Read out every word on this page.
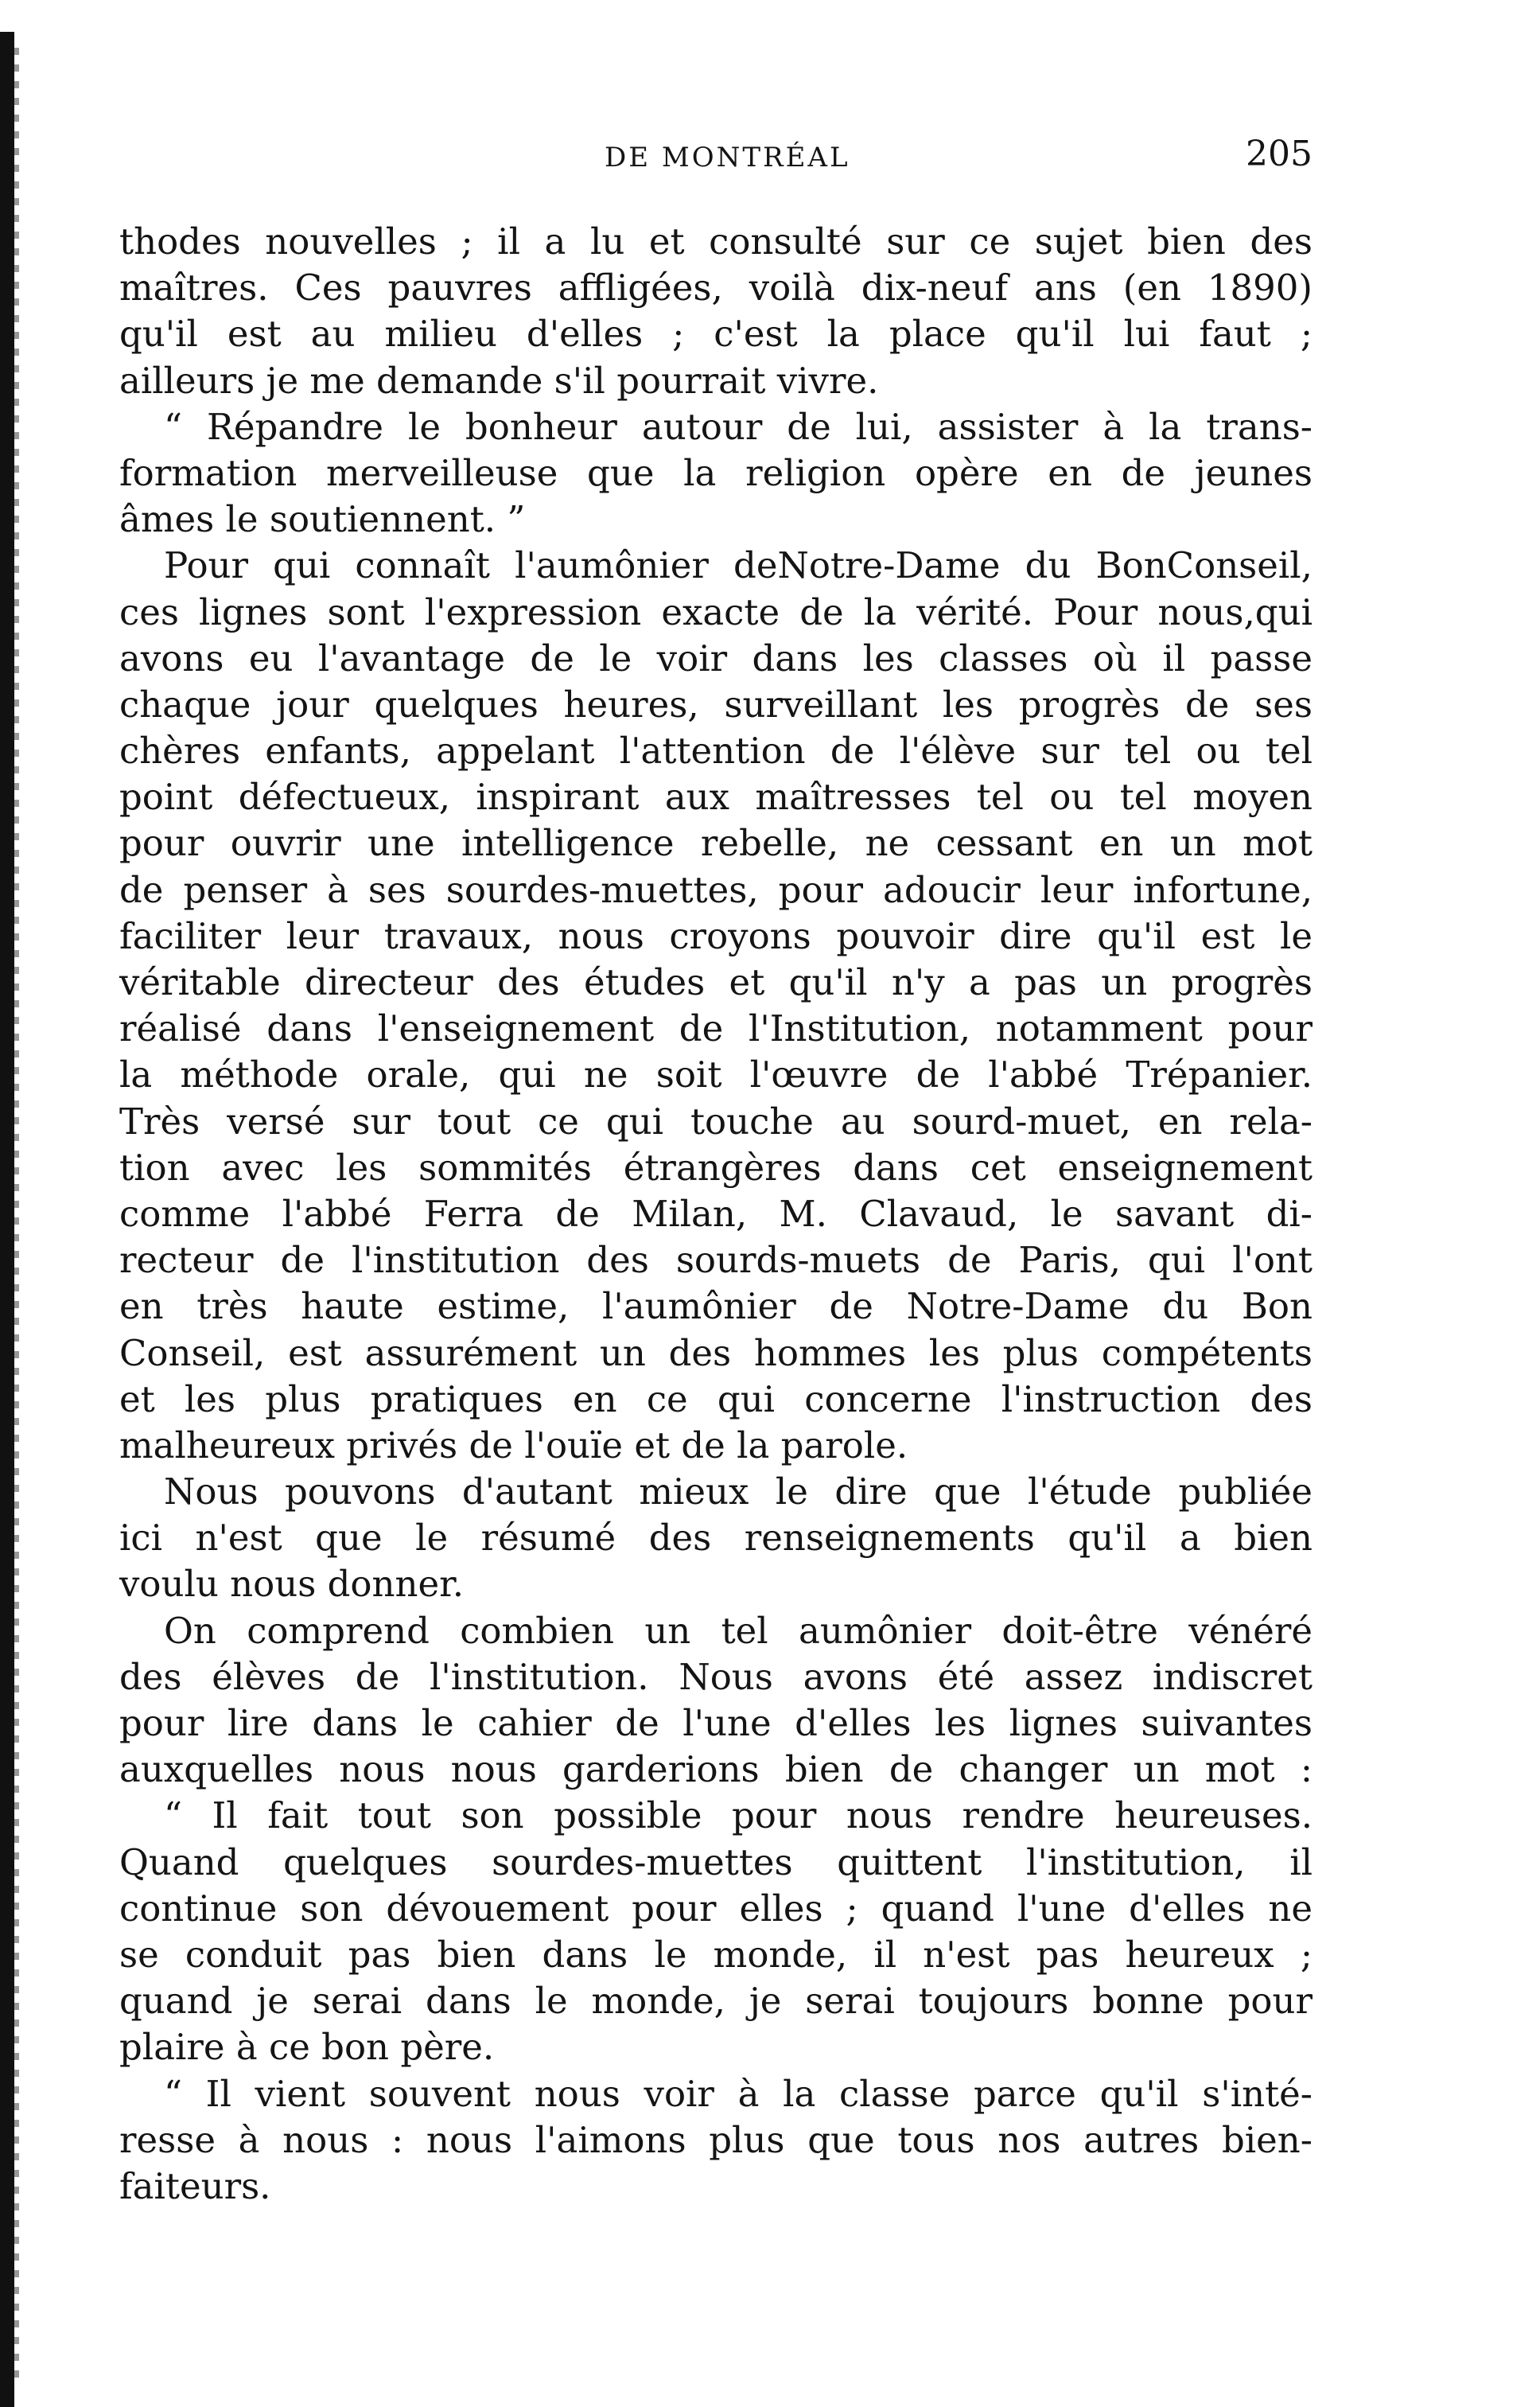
DE MONTRÉAL	205
thodes nouvelles ; il a lu et consulté sur ce sujet bien des
maîtres. Ces pauvres affligées, voilà dix-neuf ans (en 1890)
qu'il est au milieu d'elles ; c'est la place qu'il lui faut ;
ailleurs je me demande s'il pourrait vivre.
“ Répandre le bonheur autour de lui, assister à la trans-
formation merveilleuse que la religion opère en de jeunes
âmes le soutiennent. ”
Pour qui connaît l'aumônier deNotre-Dame du BonConseil,
ces lignes sont l'expression exacte de la vérité. Pour nous,qui
avons eu l'avantage de le voir dans les classes où il passe
chaque jour quelques heures, surveillant les progrès de ses
chères enfants, appelant l'attention de l'élève sur tel ou tel
point défectueux, inspirant aux maîtresses tel ou tel moyen
pour ouvrir une intelligence rebelle, ne cessant en un mot
de penser à ses sourdes-muettes, pour adoucir leur infortune,
faciliter leur travaux, nous croyons pouvoir dire qu'il est le
véritable directeur des études et qu'il n'y a pas un progrès
réalisé dans l'enseignement de l'Institution, notamment pour
la méthode orale, qui ne soit l'œuvre de l'abbé Trépanier.
Très versé sur tout ce qui touche au sourd-muet, en rela-
tion avec les sommités étrangères dans cet enseignement
comme l'abbé Ferra de Milan, M. Clavaud, le savant di-
recteur de l'institution des sourds-muets de Paris, qui l'ont
en très haute estime, l'aumônier de Notre-Dame du Bon
Conseil, est assurément un des hommes les plus compétents
et les plus pratiques en ce qui concerne l'instruction des
malheureux privés de l'ouïe et de la parole.
Nous pouvons d'autant mieux le dire que l'étude publiée
ici n'est que le résumé des renseignements qu'il a bien
voulu nous donner.
On comprend combien un tel aumônier doit-être vénéré
des élèves de l'institution. Nous avons été assez indiscret
pour lire dans le cahier de l'une d'elles les lignes suivantes
auxquelles nous nous garderions bien de changer un mot :
“ Il fait tout son possible pour nous rendre heureuses.
Quand quelques sourdes-muettes quittent l'institution, il
continue son dévouement pour elles ; quand l'une d'elles ne
se conduit pas bien dans le monde, il n'est pas heureux ;
quand je serai dans le monde, je serai toujours bonne pour
plaire à ce bon père.
“ Il vient souvent nous voir à la classe parce qu'il s'inté-
resse à nous : nous l'aimons plus que tous nos autres bien-
faiteurs.
